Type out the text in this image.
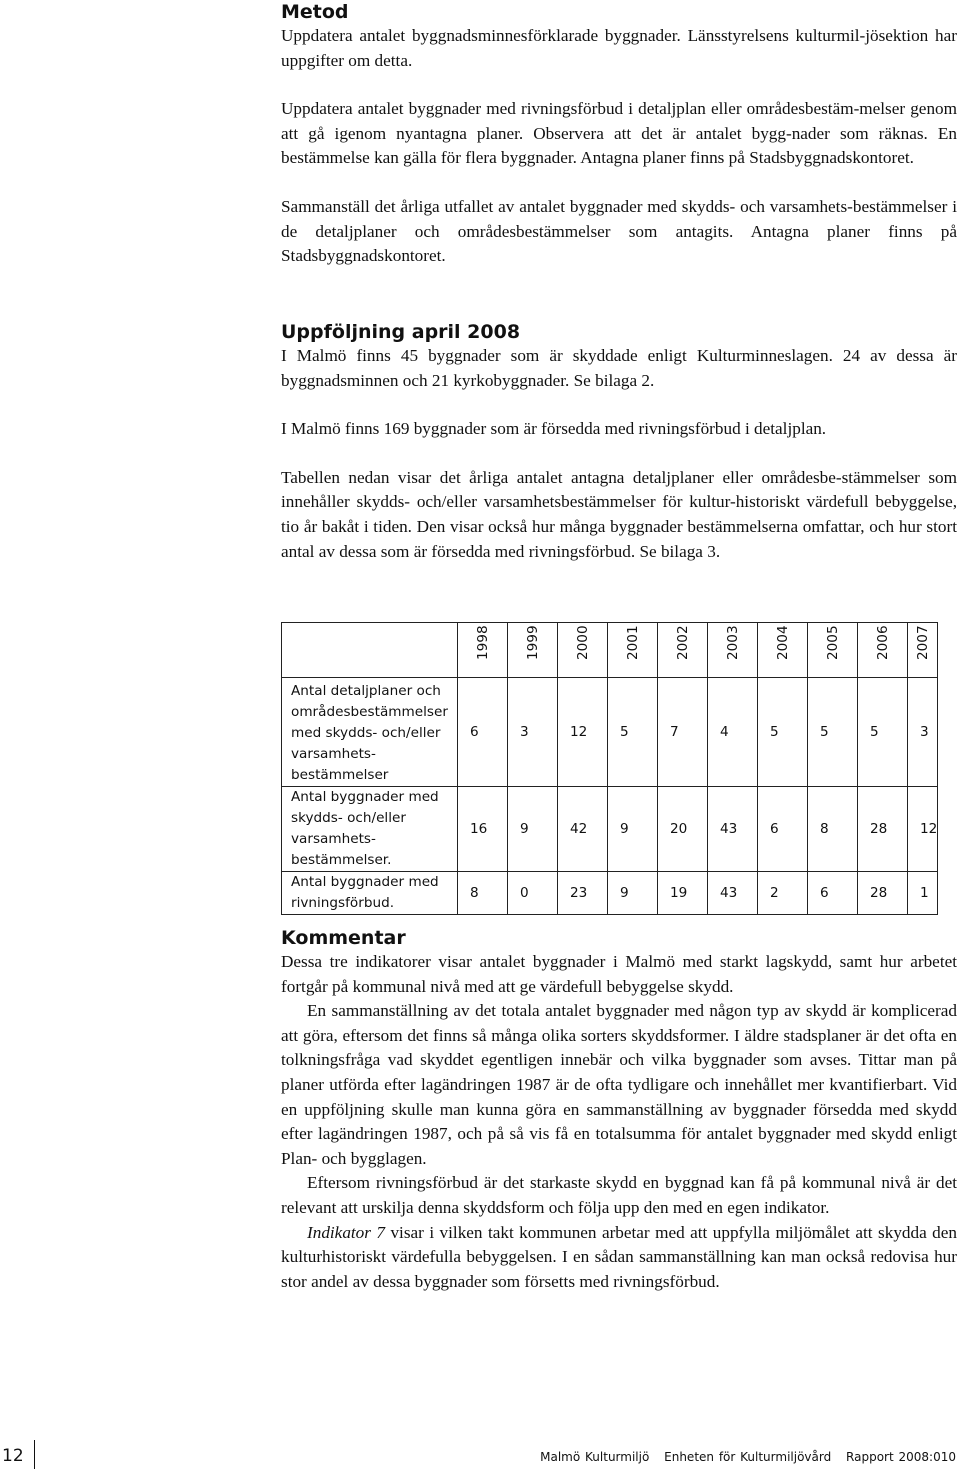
Metod

Uppdatera antalet byggnadsminnesförklarade byggnader. Länsstyrelsens kulturmil-jösektion har uppgifter om detta.

Uppdatera antalet byggnader med rivningsförbud i detaljplan eller områdesbestäm-melser genom att gå igenom nyantagna planer. Observera att det är antalet bygg-nader som räknas. En bestämmelse kan gälla för flera byggnader. Antagna planer finns på Stadsbyggnadskontoret.

Sammanställ det årliga utfallet av antalet byggnader med skydds- och varsamhets-bestämmelser i de detaljplaner och områdesbestämmelser som antagits. Antagna planer finns på Stadsbyggnadskontoret.

Uppföljning april 2008

I Malmö finns 45 byggnader som är skyddade enligt Kulturminneslagen. 24 av dessa är byggnadsminnen och 21 kyrkobyggnader. Se bilaga 2.

I Malmö finns 169 byggnader som är försedda med rivningsförbud i detaljplan.

Tabellen nedan visar det årliga antalet antagna detaljplaner eller områdesbe-stämmelser som innehåller skydds- och/eller varsamhetsbestämmelser för kultur-historiskt värdefull bebyggelse, tio år bakåt i tiden. Den visar också hur många byggnader bestämmelserna omfattar, och hur stort antal av dessa som är försedda med rivningsförbud. Se bilaga 3.

	1998	1999	2000	2001	2002	2003	2004	2005	2006	2007

Antal detaljplaner och områdesbestämmelser med skydds- och/eller varsamhets-bestämmelser	6	3	12	5	7	4	5	5	5	3
Antal byggnader med skydds- och/eller varsamhets-bestämmelser.	16	9	42	9	20	43	6	8	28	12
Antal byggnader med rivningsförbud.	8	0	23	9	19	43	2	6	28	1
Kommentar

Dessa tre indikatorer visar antalet byggnader i Malmö med starkt lagskydd, samt hur arbetet fortgår på kommunal nivå med att ge värdefull bebyggelse skydd.

En sammanställning av det totala antalet byggnader med någon typ av skydd är komplicerad att göra, eftersom det finns så många olika sorters skyddsformer. I äldre stadsplaner är det ofta en tolkningsfråga vad skyddet egentligen innebär och vilka byggnader som avses. Tittar man på planer utförda efter lagändringen 1987 är de ofta tydligare och innehållet mer kvantifierbart. Vid en uppföljning skulle man kunna göra en sammanställning av byggnader försedda med skydd efter lagändringen 1987, och på så vis få en totalsumma för antalet byggnader med skydd enligt Plan- och bygglagen.

Eftersom rivningsförbud är det starkaste skydd en byggnad kan få på kommunal nivå är det relevant att urskilja denna skyddsform och följa upp den med en egen indikator.

Indikator 7 visar i vilken takt kommunen arbetar med att uppfylla miljömålet att skydda den kulturhistoriskt värdefulla bebyggelsen. I en sådan sammanställning kan man också redovisa hur stor andel av dessa byggnader som försetts med rivningsförbud.

12	Malmö Kulturmiljö Enheten för Kulturmiljövård Rapport 2008:010
